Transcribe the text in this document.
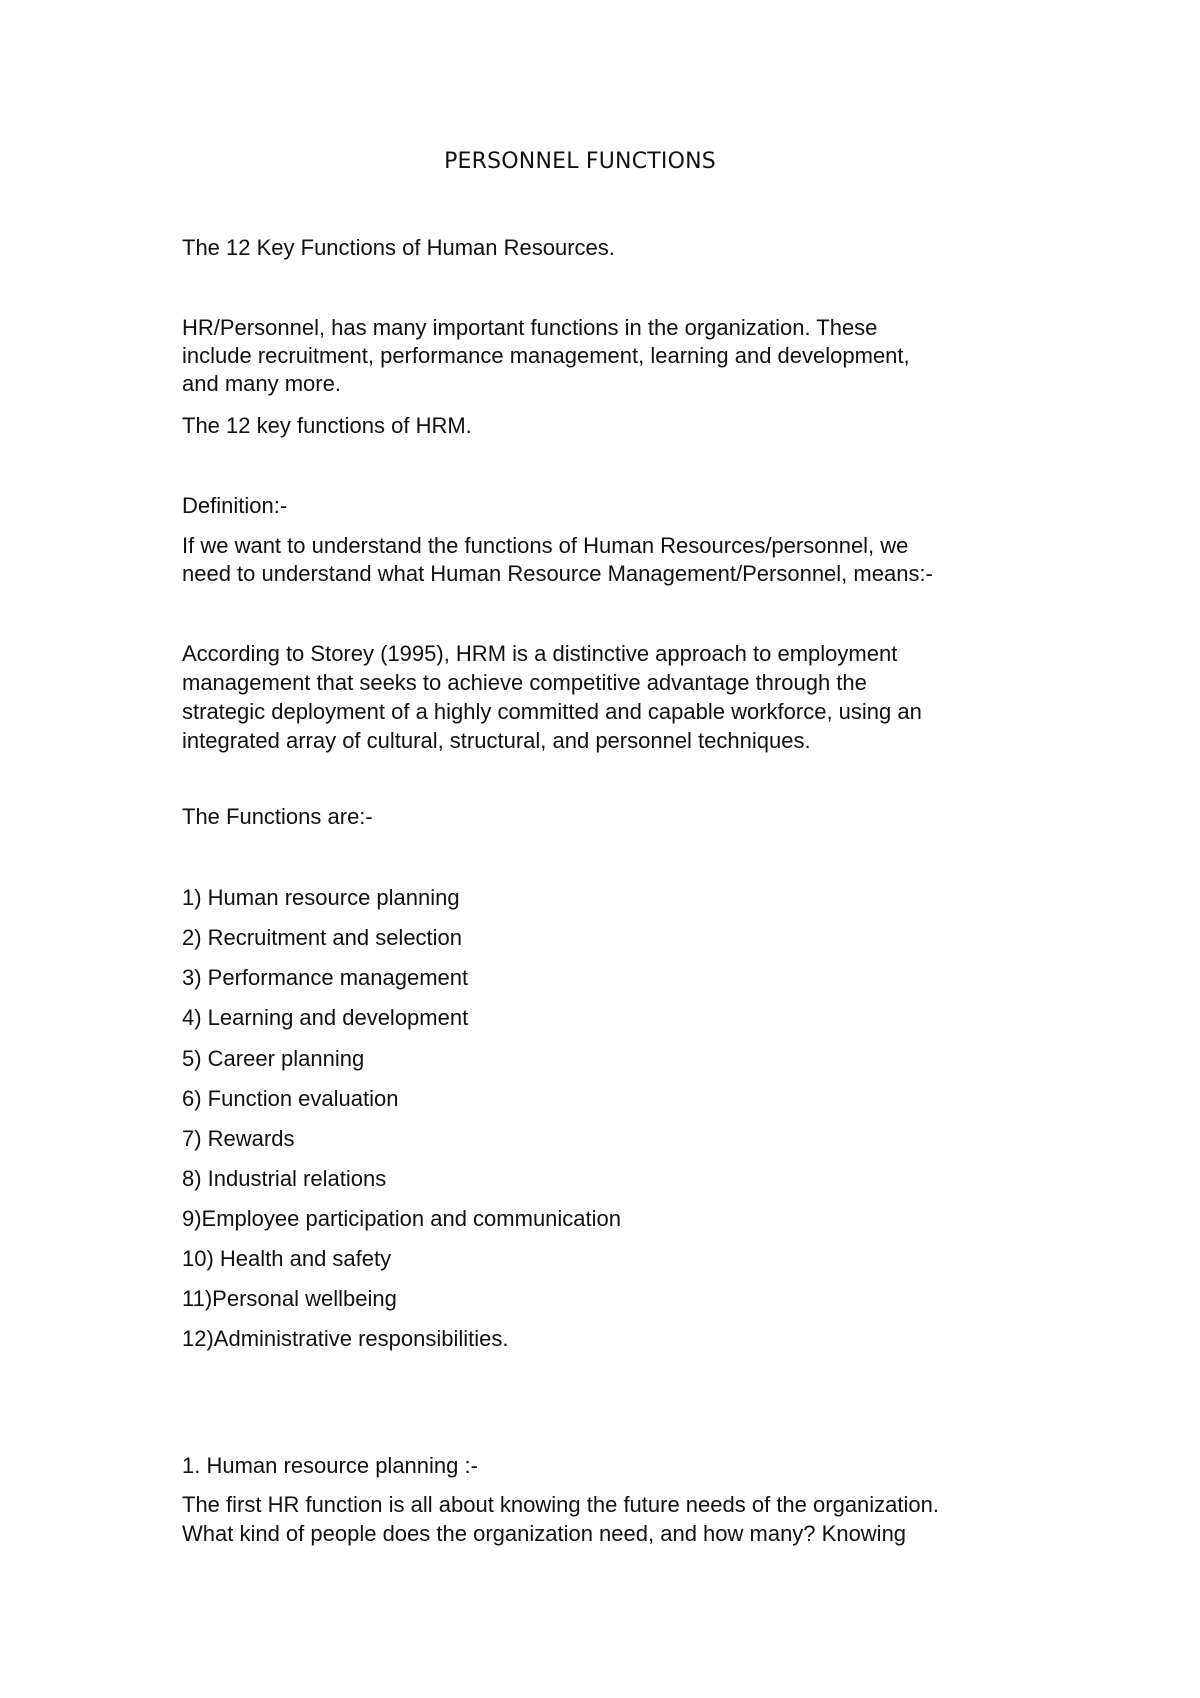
PERSONNEL FUNCTIONS

The 12 Key Functions of Human Resources.

HR/Personnel, has many important functions in the organization. These

include recruitment, performance management, learning and development,

and many more.

The 12 key functions of HRM.

Definition:-

If we want to understand the functions of Human Resources/personnel, we

need to understand what Human Resource Management/Personnel, means:-

According to Storey (1995), HRM is a distinctive approach to employment

management that seeks to achieve competitive advantage through the

strategic deployment of a highly committed and capable workforce, using an

integrated array of cultural, structural, and personnel techniques.

The Functions are:-

1) Human resource planning

2) Recruitment and selection

3) Performance management

4) Learning and development

5) Career planning

6) Function evaluation

7) Rewards

8) Industrial relations

9)Employee participation and communication

10) Health and safety

11)Personal wellbeing

12)Administrative responsibilities.

1. Human resource planning :-

The first HR function is all about knowing the future needs of the organization.

What kind of people does the organization need, and how many? Knowing
